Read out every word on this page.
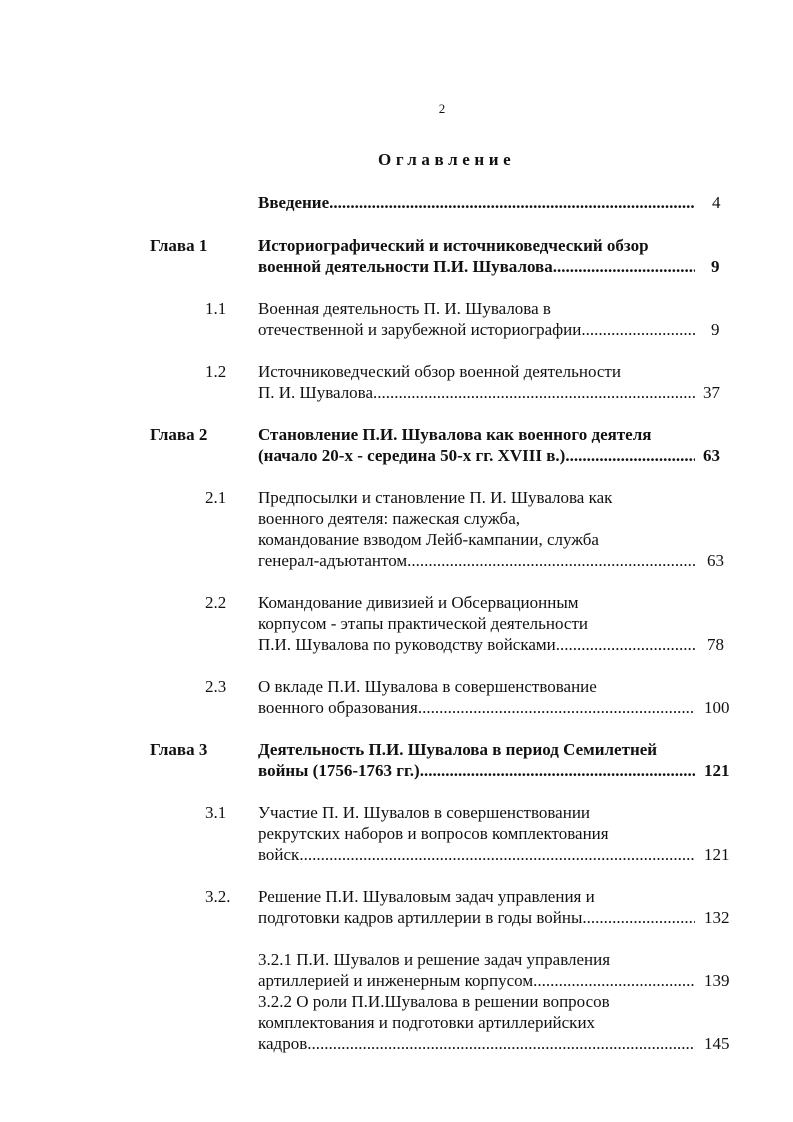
2
Оглавление
Введение .....	4
Глава 1	Историографический и источниковедческий обзор
военной деятельности П.И. Шувалова .....	9
1.1 Военная деятельность П. И. Шувалова в
отечественной и зарубежной историографии .....	9
1.2 Источниковедческий обзор военной деятельности
П. И. Шувалова .....	37
Глава 2	Становление П.И. Шувалова как военного деятеля
(начало 20-х - середина 50-х гг. XVIII в.) .....	63
2.1 Предпосылки и становление П. И. Шувалова как
военного деятеля: пажеская служба,
командование взводом Лейб-кампании, служба
генерал-адъютантом .....	63
2.2 Командование дивизией и Обсервационным
корпусом - этапы практической деятельности
П.И. Шувалова по руководству войсками .....	78
2.3 О вкладе П.И. Шувалова в совершенствование
военного образования .....	100
Глава 3	Деятельность П.И. Шувалова в период Семилетней
войны (1756-1763 гг.) .....	121
3.1 Участие П. И. Шувалов в совершенствовании
рекрутских наборов и вопросов комплектования
войск .....	121
3.2. Решение П.И. Шуваловым задач управления и
подготовки кадров артиллерии в годы войны .....	132
3.2.1 П.И. Шувалов и решение задач управления
артиллерией и инженерным корпусом .....	139
3.2.2 О роли П.И.Шувалова в решении вопросов
комплектования и подготовки артиллерийских
кадров .....	145
